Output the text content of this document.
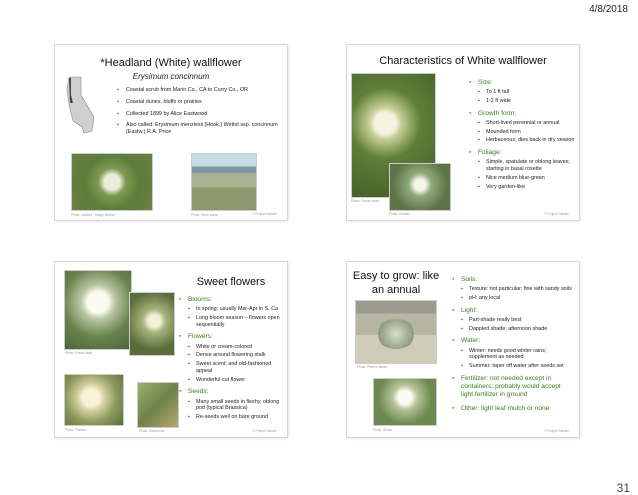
4/8/2018
*Headland (White) wallflower
Erysimum concinnum
▪ Coastal scrub from Marin Co., CA to Curry Co., OR
▪ Coastal dunes, bluffs or prairies
▪ Collected 1899 by Alice Eastwood
▪ Also called: Erysimum menziesii (Hook.) Wettst ssp. concinnum (Eastw.) R.A. Price
Photo: Calflora · Image Archive	Photo: Dune scene	© Project Garden
Characteristics of White wallflower
Photo: Flower head
Photo: Rosette
▪ Size:
▪ To 1 ft tall
▪ 1-2 ft wide
▪ Growth form:
▪ Short-lived perennial or annual
▪ Mounded form
▪ Herbaceous; dies back in dry season
▪ Foliage:
▪ Simple, spatulate or oblong leaves; starting in basal rosette
▪ Nice medium blue-green
▪ Very garden-like
© Project Garden
Sweet flowers
Photo: Flower stalk
Photo: Flowers	Photo: Seed pods
▪ Blooms:
▪ In spring; usually Mar-Apr in S. Ca
▪ Long bloom season – flowers open sequentially
▪ Flowers:
▪ White or cream-colored
▪ Dense around flowering stalk
▪ Sweet scent; and old-fashioned appeal
▪ Wonderful cut flower
▪ Seeds:
▪ Many small seeds in fleshy, oblong pod (typical Brassica)
▪ Re-seeds well on bare ground
© Project Garden
Easy to grow: like an annual
Photo: Plant in dunes
Photo: Bloom
▪ Soils:
▪ Texture: not particular; fine with sandy soils
▪ pH: any local
▪ Light:
▪ Part-shade really best
▪ Dappled shade; afternoon shade
▪ Water:
▪ Winter: needs good winter rains; supplement as needed
▪ Summer: taper off water after seeds set
▪ Fertilizer: not needed except in containers; probably would accept light fertilizer in ground
▪ Other: light leaf mulch or none
© Project Garden
31
